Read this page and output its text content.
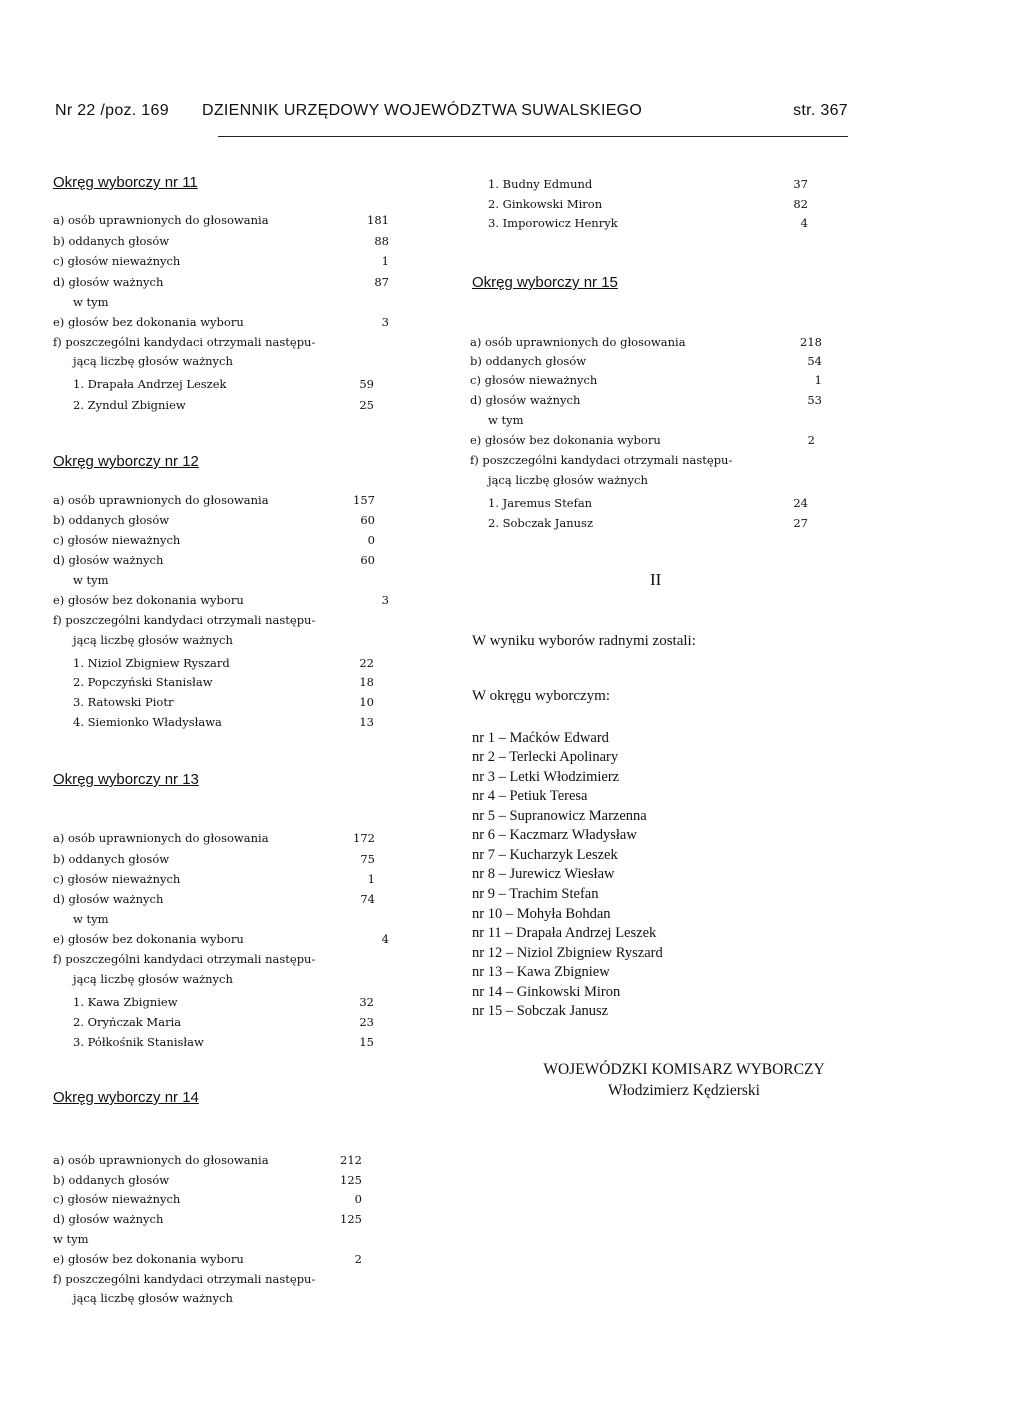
Nr 22 /poz. 169 DZIENNIK URZĘDOWY WOJEWÓDZTWA SUWALSKIEGO	str. 367
Okręg wyborczy nr 11
a) osób uprawnionych do głosowania	181
b) oddanych głosów	88
c) głosów nieważnych	1
d) głosów ważnych	87
w tym
e) głosów bez dokonania wyboru	3
f) poszczególni kandydaci otrzymali następu-
jącą liczbę głosów ważnych
1. Drapała Andrzej Leszek	59
2. Zyndul Zbigniew	25
Okręg wyborczy nr 12
a) osób uprawnionych do głosowania	157
b) oddanych głosów	60
c) głosów nieważnych	0
d) głosów ważnych	60
w tym
e) głosów bez dokonania wyboru	3
f) poszczególni kandydaci otrzymali następu-
jącą liczbę głosów ważnych
1. Niziol Zbigniew Ryszard	22
2. Popczyński Stanisław	18
3. Ratowski Piotr	10
4. Siemionko Władysława	13
Okręg wyborczy nr 13
a) osób uprawnionych do głosowania	172
b) oddanych głosów	75
c) głosów nieważnych	1
d) głosów ważnych	74
w tym
e) głosów bez dokonania wyboru	4
f) poszczególni kandydaci otrzymali następu-
jącą liczbę głosów ważnych
1. Kawa Zbigniew	32
2. Oryńczak Maria	23
3. Półkośnik Stanisław	15
Okręg wyborczy nr 14
a) osób uprawnionych do głosowania	212
b) oddanych głosów	125
c) głosów nieważnych	0
d) głosów ważnych	125
w tym
e) głosów bez dokonania wyboru	2
f) poszczególni kandydaci otrzymali następu-
jącą liczbę głosów ważnych
1. Budny Edmund	37
2. Ginkowski Miron	82
3. Imporowicz Henryk	4
Okręg wyborczy nr 15
a) osób uprawnionych do głosowania	218
b) oddanych głosów	54
c) głosów nieważnych	1
d) głosów ważnych	53
w tym
e) głosów bez dokonania wyboru	2
f) poszczególni kandydaci otrzymali następu-
jącą liczbę głosów ważnych
1. Jaremus Stefan	24
2. Sobczak Janusz	27
II
W wyniku wyborów radnymi zostali:
W okręgu wyborczym:
nr 1 – Maćków Edward
nr 2 – Terlecki Apolinary
nr 3 – Letki Włodzimierz
nr 4 – Petiuk Teresa
nr 5 – Supranowicz Marzenna
nr 6 – Kaczmarz Władysław
nr 7 – Kucharzyk Leszek
nr 8 – Jurewicz Wiesław
nr 9 – Trachim Stefan
nr 10 – Mohyła Bohdan
nr 11 – Drapała Andrzej Leszek
nr 12 – Niziol Zbigniew Ryszard
nr 13 – Kawa Zbigniew
nr 14 – Ginkowski Miron
nr 15 – Sobczak Janusz
WOJEWÓDZKI KOMISARZ WYBORCZY
Włodzimierz Kędzierski
